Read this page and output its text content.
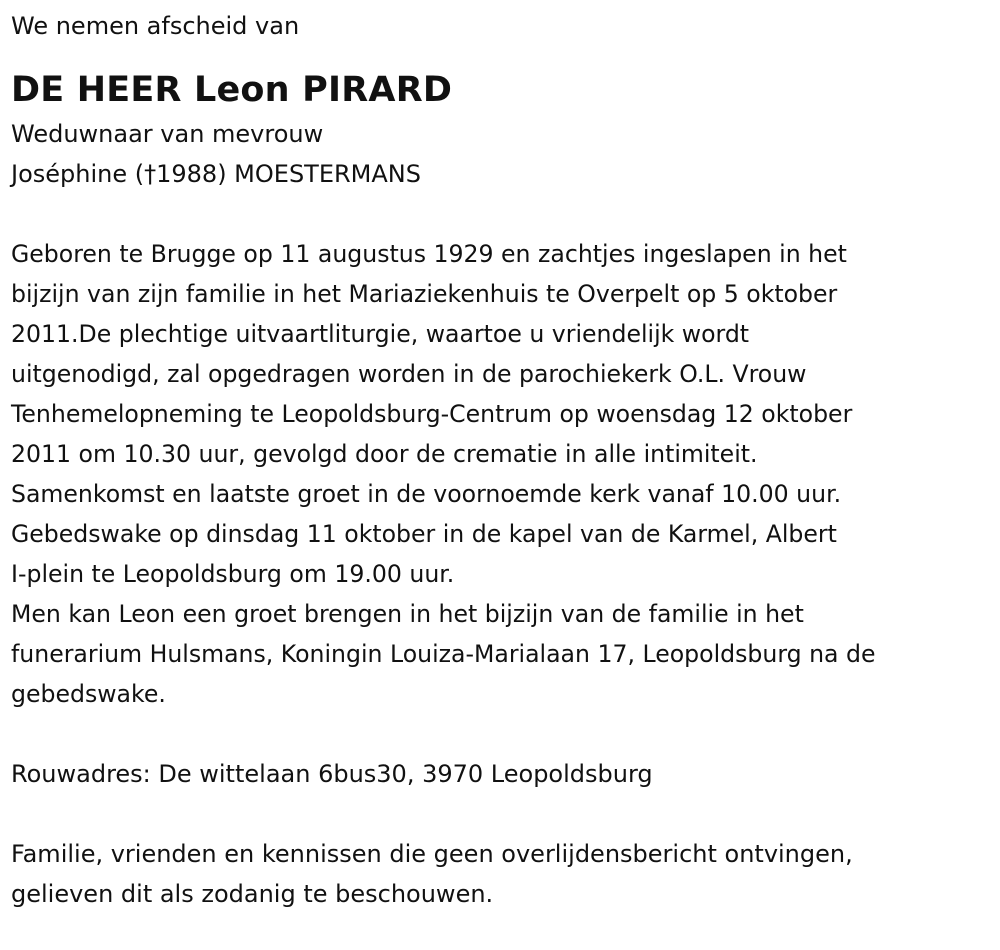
We nemen afscheid van

DE HEER Leon PIRARD

Weduwnaar van mevrouw

Joséphine (†1988) MOESTERMANS

Geboren te Brugge op 11 augustus 1929 en zachtjes ingeslapen in het

bijzijn van zijn familie in het Mariaziekenhuis te Overpelt op 5 oktober

2011.De plechtige uitvaartliturgie, waartoe u vriendelijk wordt

uitgenodigd, zal opgedragen worden in de parochiekerk O.L. Vrouw

Tenhemelopneming te Leopoldsburg-Centrum op woensdag 12 oktober

2011 om 10.30 uur, gevolgd door de crematie in alle intimiteit.

Samenkomst en laatste groet in de voornoemde kerk vanaf 10.00 uur.

Gebedswake op dinsdag 11 oktober in de kapel van de Karmel, Albert

I-plein te Leopoldsburg om 19.00 uur.

Men kan Leon een groet brengen in het bijzijn van de familie in het

funerarium Hulsmans, Koningin Louiza-Marialaan 17, Leopoldsburg na de

gebedswake.

Rouwadres: De wittelaan 6bus30, 3970 Leopoldsburg

Familie, vrienden en kennissen die geen overlijdensbericht ontvingen,

gelieven dit als zodanig te beschouwen.
